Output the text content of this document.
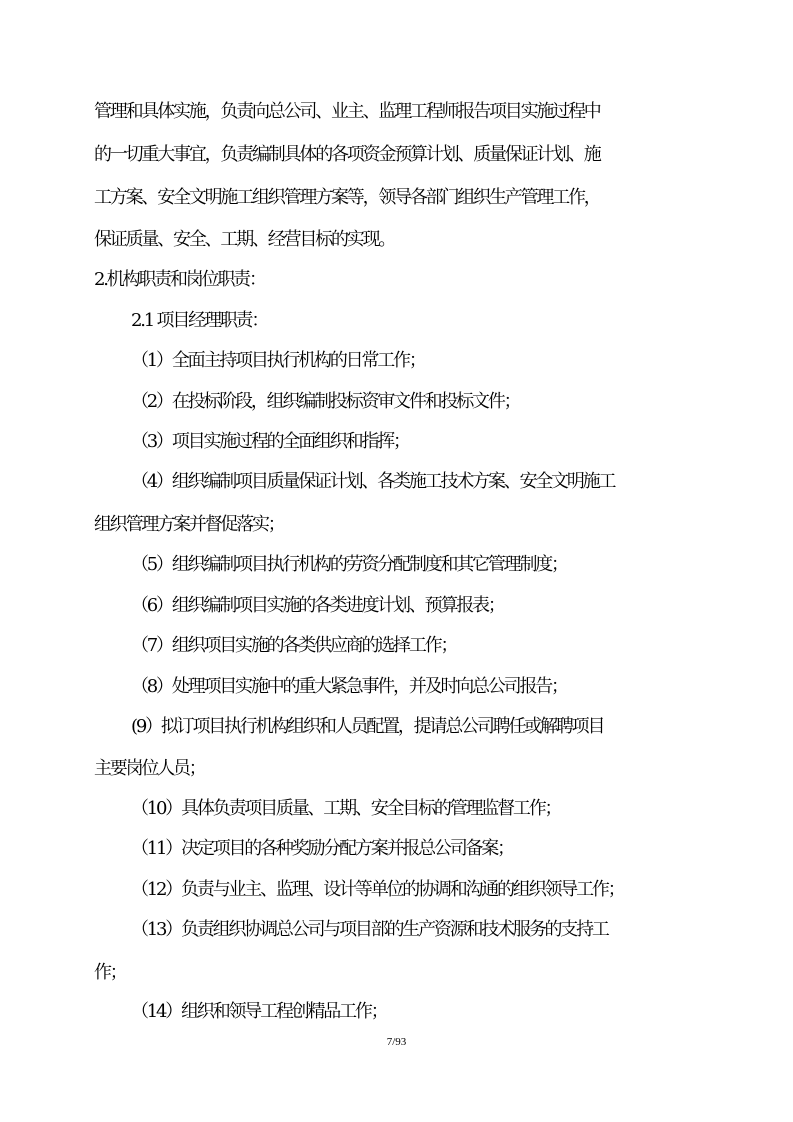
管理和具体实施，负责向总公司、业主、监理工程师报告项目实施过程中
的一切重大事宜，负责编制具体的各项资金预算计划、质量保证计划、施
工方案、安全文明施工组织管理方案等，领导各部门组织生产管理工作，
保证质量、安全、工期、经营目标的实现。
2.机构职责和岗位职责：
2.1 项目经理职责：
（1）全面主持项目执行机构的日常工作；
（2）在投标阶段，组织编制投标资审文件和投标文件；
（3）项目实施过程的全面组织和指挥；
（4）组织编制项目质量保证计划、各类施工技术方案、安全文明施工
组织管理方案并督促落实；
（5）组织编制项目执行机构的劳资分配制度和其它管理制度；
（6）组织编制项目实施的各类进度计划、预算报表；
（7）组织项目实施的各类供应商的选择工作；
（8）处理项目实施中的重大紧急事件，并及时向总公司报告；
(9）拟订项目执行机构组织和人员配置，提请总公司聘任或解聘项目
主要岗位人员；
（10）具体负责项目质量、工期、安全目标的管理监督工作；
（11）决定项目的各种奖励分配方案并报总公司备案；
（12）负责与业主、监理、设计等单位的协调和沟通的组织领导工作；
（13）负责组织协调总公司与项目部的生产资源和技术服务的支持工
作；
（14）组织和领导工程创精品工作；
7/93
